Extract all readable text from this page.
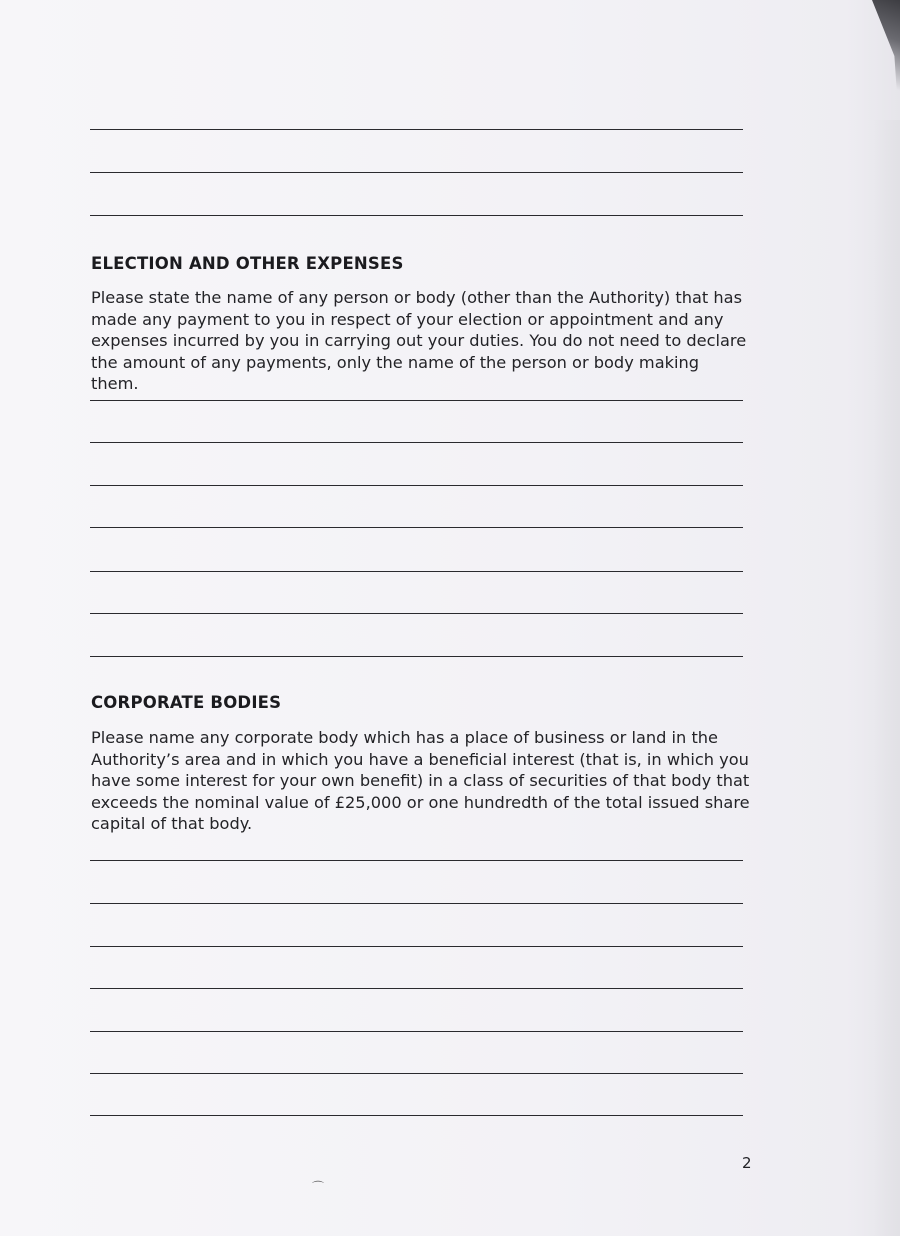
ELECTION AND OTHER EXPENSES

Please state the name of any person or body (other than the Authority) that has made any payment to you in respect of your election or appointment and any expenses incurred by you in carrying out your duties. You do not need to declare the amount of any payments, only the name of the person or body making them.

CORPORATE BODIES

Please name any corporate body which has a place of business or land in the Authority’s area and in which you have a beneficial interest (that is, in which you have some interest for your own benefit) in a class of securities of that body that exceeds the nominal value of £25,000 or one hundredth of the total issued share capital of that body.

2
⌒
